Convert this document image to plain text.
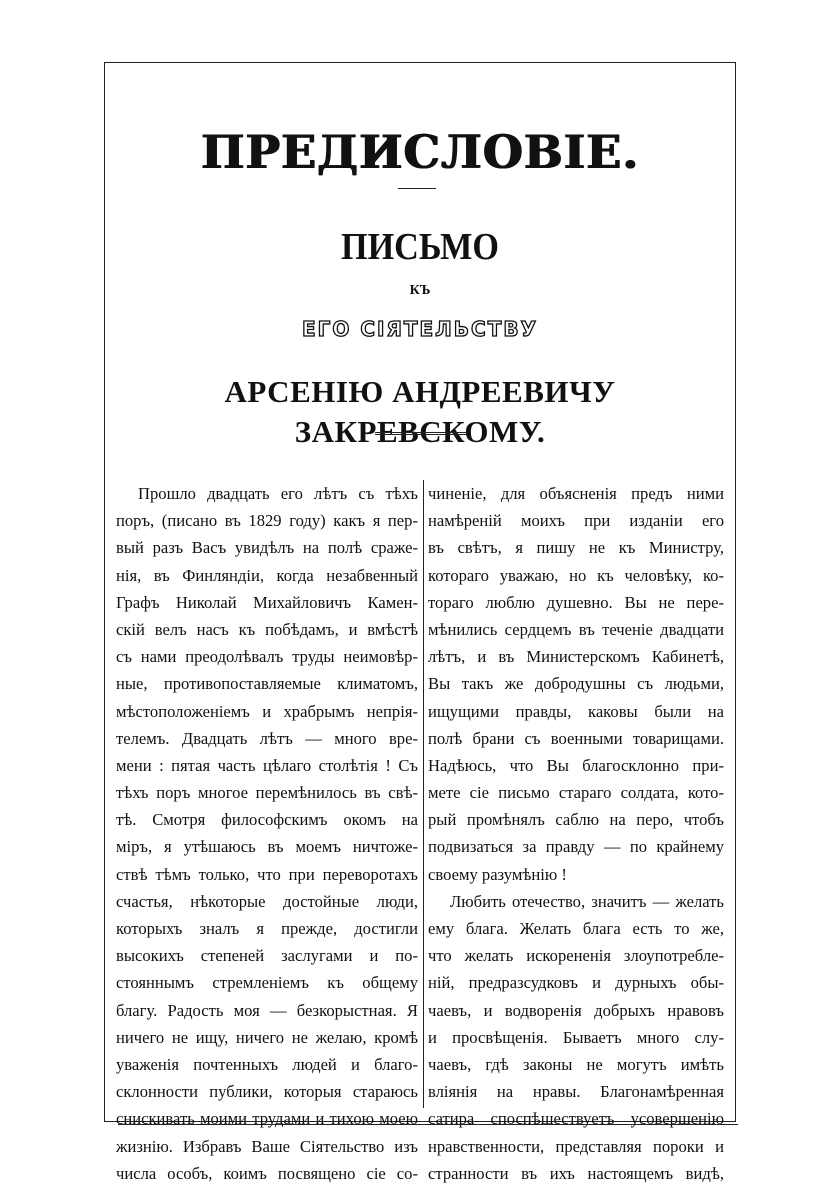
ПРЕДИСЛОВІЕ.
ПИСЬМО
КЪ
ЕГО СІЯТЕЛЬСТВУ
АРСЕНІЮ АНДРЕЕВИЧУ ЗАКРЕВСКОМУ.
Прошло двадцать его лѣтъ съ тѣхъ
поръ, (писано въ 1829 году) какъ я пер-
вый разъ Васъ увидѣлъ на полѣ сраже-
нія, въ Финляндіи, когда незабвенный
Графъ Николай Михайловичъ Камен-
скій велъ насъ къ побѣдамъ, и вмѣстѣ
съ нами преодолѣвалъ труды неимовѣр-
ные, противопоставляемые климатомъ,
мѣстоположеніемъ и храбрымъ непрія-
телемъ. Двадцать лѣтъ — много вре-
мени : пятая часть цѣлаго столѣтія ! Съ
тѣхъ поръ многое перемѣнилось въ свѣ-
тѣ. Смотря философскимъ окомъ на
міръ, я утѣшаюсь въ моемъ ничтоже-
ствѣ тѣмъ только, что при переворотахъ
счастья, нѣкоторые достойные люди,
которыхъ зналъ я прежде, достигли
высокихъ степеней заслугами и по-
стояннымъ стремленіемъ къ общему
благу. Радость моя — безкорыстная. Я
ничего не ищу, ничего не желаю, кромѣ
уваженія почтенныхъ людей и благо-
склонности публики, которыя стараюсь
снискивать моими трудами и тихою моею
жизнію. Избравъ Ваше Сіятельство изъ
числа особъ, коимъ посвящено сіе со-
чиненіе, для объясненія предъ ними
намѣреній моихъ при изданіи его
въ свѣтъ, я пишу не къ Министру,
котораго уважаю, но къ человѣку, ко-
тораго люблю душевно. Вы не пере-
мѣнились сердцемъ въ теченіе двадцати
лѣтъ, и въ Министерскомъ Кабинетѣ,
Вы такъ же добродушны съ людьми,
ищущими правды, каковы были на
полѣ брани съ военными товарищами.
Надѣюсь, что Вы благосклонно при-
мете сіе письмо стараго солдата, кото-
рый промѣнялъ саблю на перо, чтобъ
подвизаться за правду — по крайнему
своему разумѣнію !
Любить отечество, значитъ — желать
ему блага. Желать блага есть то же,
что желать искорененія злоупотребле-
ній, предразсудковъ и дурныхъ обы-
чаевъ, и водворенія добрыхъ нравовъ
и просвѣщенія. Бываетъ много слу-
чаевъ, гдѣ законы не могутъ имѣть
вліянія на нравы. Благонамѣренная
сатира споспѣшествуетъ усовершенію
нравственности, представляя пороки и
странности въ ихъ настоящемъ видѣ,
